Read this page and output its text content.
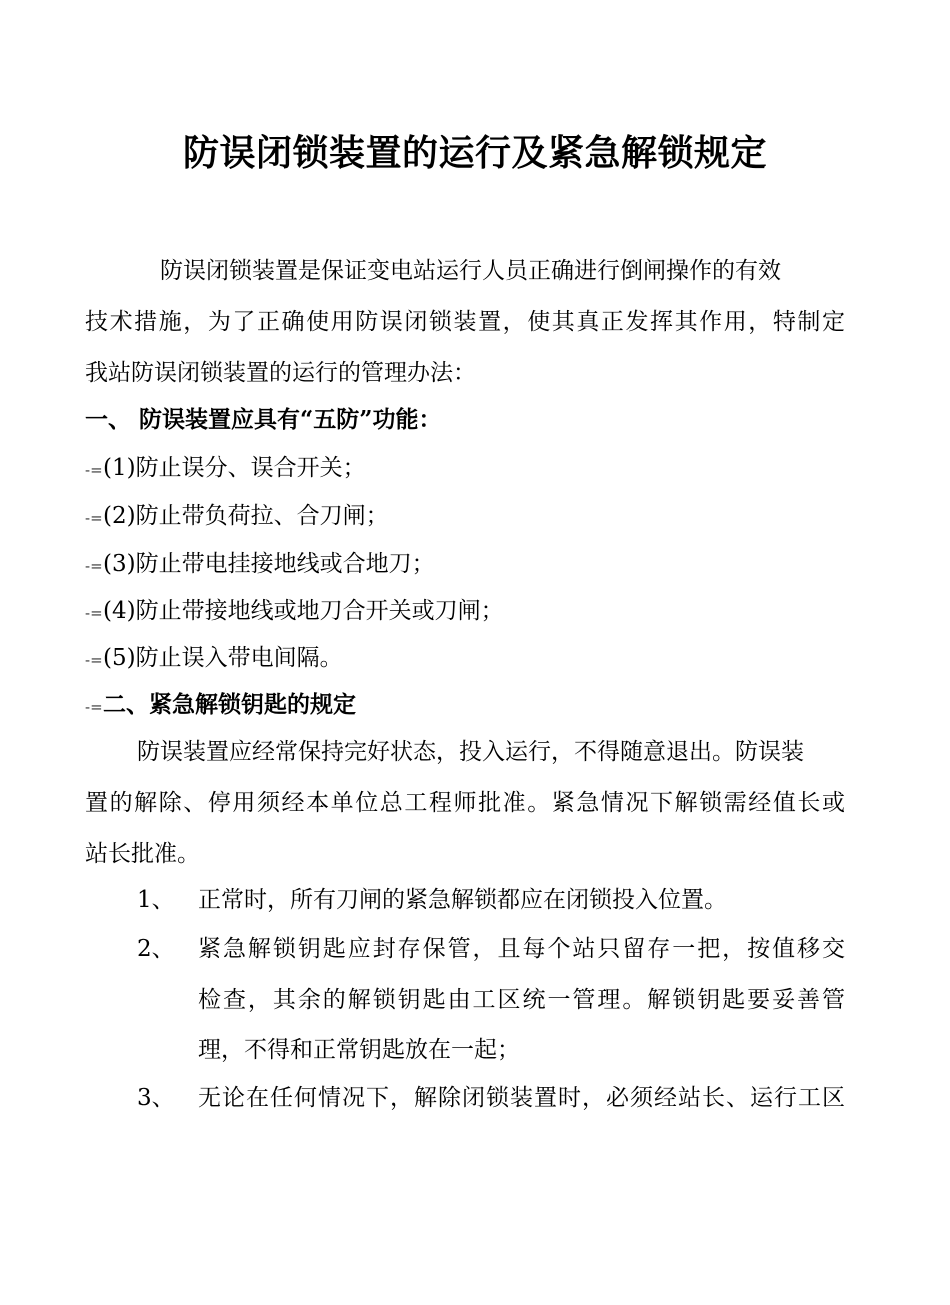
防误闭锁装置的运行及紧急解锁规定
防误闭锁装置是保证变电站运行人员正确进行倒闸操作的有效
技术措施，为了正确使用防误闭锁装置，使其真正发挥其作用，特制定
我站防误闭锁装置的运行的管理办法：
一、 防误装置应具有“五防”功能：
-=(1)防止误分、误合开关；
-=(2)防止带负荷拉、合刀闸；
-=(3)防止带电挂接地线或合地刀；
-=(4)防止带接地线或地刀合开关或刀闸；
-=(5)防止误入带电间隔。
-=二、紧急解锁钥匙的规定
防误装置应经常保持完好状态，投入运行，不得随意退出。防误装
置的解除、停用须经本单位总工程师批准。紧急情况下解锁需经值长或
站长批准。
1、 正常时，所有刀闸的紧急解锁都应在闭锁投入位置。
2、 紧急解锁钥匙应封存保管，且每个站只留存一把，按值移交
检查，其余的解锁钥匙由工区统一管理。解锁钥匙要妥善管
理，不得和正常钥匙放在一起；
3、 无论在任何情况下，解除闭锁装置时，必须经站长、运行工区
